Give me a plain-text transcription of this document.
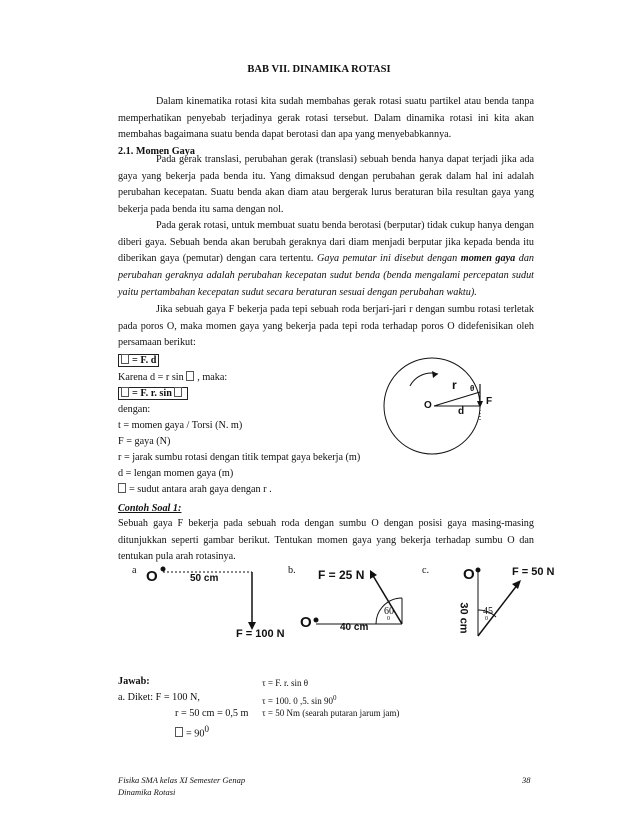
BAB VII. DINAMIKA ROTASI
Dalam kinematika rotasi kita sudah membahas gerak rotasi suatu partikel atau benda tanpa memperhatikan penyebab terjadinya gerak rotasi tersebut. Dalam dinamika rotasi ini kita akan membahas bagaimana suatu benda dapat berotasi dan apa yang menyebabkannya.
2.1. Momen Gaya
Pada gerak translasi, perubahan gerak (translasi) sebuah benda hanya dapat terjadi jika ada gaya yang bekerja pada benda itu. Yang dimaksud dengan perubahan gerak dalam hal ini adalah perubahan kecepatan. Suatu benda akan diam atau bergerak lurus beraturan bila resultan gaya yang bekerja pada benda itu sama dengan nol.
Pada gerak rotasi, untuk membuat suatu benda berotasi (berputar) tidak cukup hanya dengan diberi gaya. Sebuah benda akan berubah geraknya dari diam menjadi berputar jika kepada benda itu diberikan gaya (pemutar) dengan cara tertentu. Gaya pemutar ini disebut dengan momen gaya dan perubahan geraknya adalah perubahan kecepatan sudut benda (benda mengalami percepatan sudut yaitu pertambahan kecepatan sudut secara beraturan sesuai dengan perubahan waktu).
Jika sebuah gaya F bekerja pada tepi sebuah roda berjari-jari r dengan sumbu rotasi terletak pada poros O, maka momen gaya yang bekerja pada tepi roda terhadap poros O didefenisikan oleh persamaan berikut:
= F. d
Karena d = r sin , maka:
= F. r. sin
dengan:
t = momen gaya / Torsi (N. m)
F = gaya (N)
r = jarak sumbu rotasi dengan titik tempat gaya bekerja (m)
d = lengan momen gaya (m)
= sudut antara arah gaya dengan r .
O
r θ
F
d
Contoh Soal 1:
Sebuah gaya F bekerja pada sebuah roda dengan sumbu O dengan posisi gaya masing-masing ditunjukkan seperti gambar berikut. Tentukan momen gaya yang bekerja terhadap sumbu O dan tentukan pula arah rotasinya.
a O	50 cm
F = 100 N
b. F = 25 N
60
0
O	40 cm
c. O	F = 50 N
30 cm 45
0
Jawab:
a. Diket: F = 100 N,
r = 50 cm = 0,5 m
= $90^0$
τ = F. r. sin θ
τ = 100. 0 ,5. $\sin 90^0$
τ = 50 Nm (searah putaran jarum jam)
Fisika SMA kelas XI Semester Genap
Dinamika Rotasi
38
